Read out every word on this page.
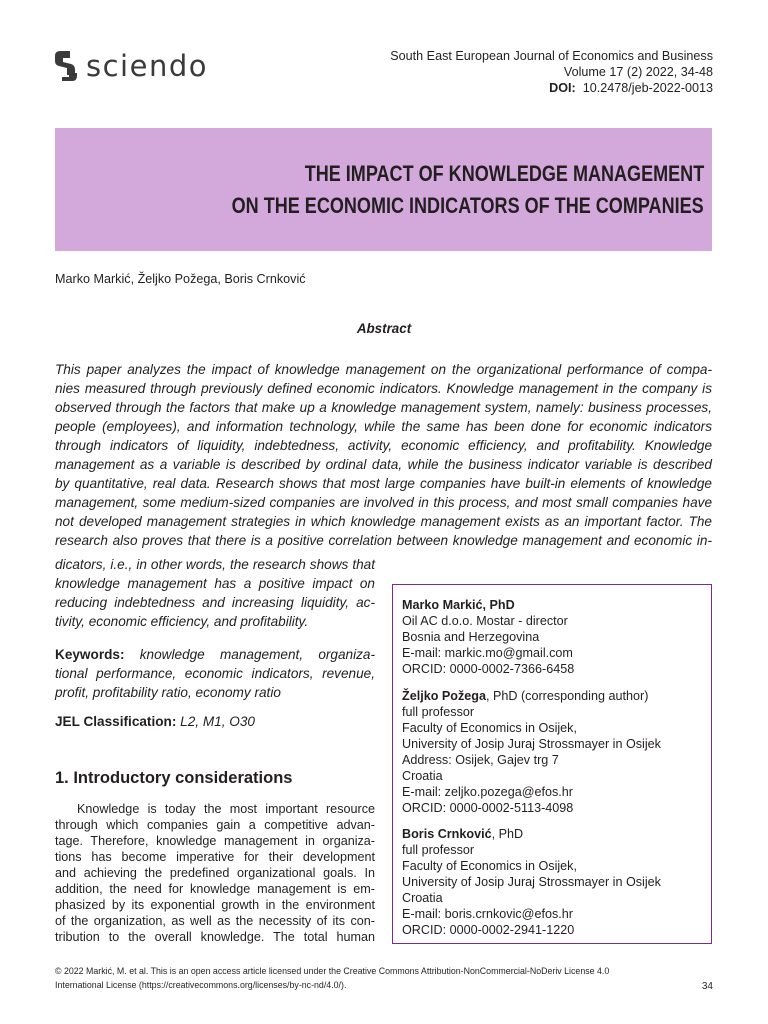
sciendo	South East European Journal of Economics and Business
Volume 17 (2) 2022, 34-48
DOI: 10.2478/jeb-2022-0013
THE IMPACT OF KNOWLEDGE MANAGEMENT
ON THE ECONOMIC INDICATORS OF THE COMPANIES
Marko Markić, Željko Požega, Boris Crnković
Abstract
This paper analyzes the impact of knowledge management on the organizational performance of compa-
nies measured through previously defined economic indicators. Knowledge management in the company is
observed through the factors that make up a knowledge management system, namely: business processes,
people (employees), and information technology, while the same has been done for economic indicators
through indicators of liquidity, indebtedness, activity, economic efficiency, and profitability. Knowledge
management as a variable is described by ordinal data, while the business indicator variable is described
by quantitative, real data. Research shows that most large companies have built-in elements of knowledge
management, some medium-sized companies are involved in this process, and most small companies have
not developed management strategies in which knowledge management exists as an important factor. The
research also proves that there is a positive correlation between knowledge management and economic in-
dicators, i.e., in other words, the research shows that
knowledge management has a positive impact on
reducing indebtedness and increasing liquidity, ac-
tivity, economic efficiency, and profitability.
Keywords: knowledge management, organiza-
tional performance, economic indicators, revenue,
profit, profitability ratio, economy ratio
JEL Classification: L2, M1, O30
1. Introductory considerations
Knowledge is today the most important resource
through which companies gain a competitive advan-
tage. Therefore, knowledge management in organiza-
tions has become imperative for their development
and achieving the predefined organizational goals. In
addition, the need for knowledge management is em-
phasized by its exponential growth in the environment
of the organization, as well as the necessity of its con-
tribution to the overall knowledge. The total human
Marko Markić, PhD
Oil AC d.o.o. Mostar - director
Bosnia and Herzegovina
E-mail: markic.mo@gmail.com
ORCID: 0000-0002-7366-6458
Željko Požega, PhD (corresponding author)
full professor
Faculty of Economics in Osijek,
University of Josip Juraj Strossmayer in Osijek
Address: Osijek, Gajev trg 7
Croatia
E-mail: zeljko.pozega@efos.hr
ORCID: 0000-0002-5113-4098
Boris Crnković, PhD
full professor
Faculty of Economics in Osijek,
University of Josip Juraj Strossmayer in Osijek
Croatia
E-mail: boris.crnkovic@efos.hr
ORCID: 0000-0002-2941-1220
© 2022 Markić, M. et al. This is an open access article licensed under the Creative Commons Attribution-NonCommercial-NoDeriv License 4.0
International License (https://creativecommons.org/licenses/by-nc-nd/4.0/).	34
